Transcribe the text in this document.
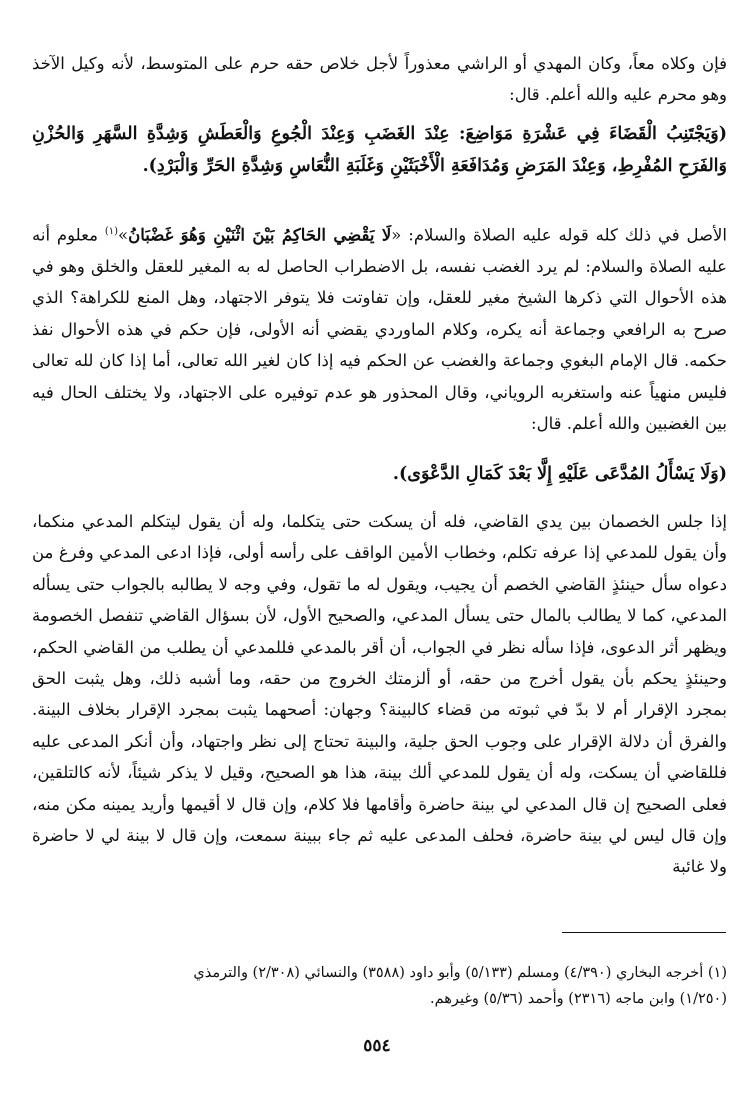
فإن وكلاه معاً، وكان المهدي أو الراشي معذوراً لأجل خلاص حقه حرم على المتوسط، لأنه وكيل الآخذ وهو محرم عليه والله أعلم. قال:

(وَيَجْتَنِبُ الْقَضَاءَ فِي عَشْرَةِ مَوَاضِعَ: عِنْدَ الغَضَبِ وَعِنْدَ الْجُوعِ وَالْعَطَشِ وَشِدَّةِ السَّهَرِ وَالحُزْنِ وَالفَرَحِ المُفْرِطِ، وَعِنْدَ المَرَضِ وَمُدَافَعَةِ الْأَخْبَثَيْنِ وَغَلَبَةِ النُّعَاسِ وَشِدَّةِ الحَرِّ وَالْبَرْدِ).

الأصل في ذلك كله قوله عليه الصلاة والسلام: «لَا يَقْضِي الحَاكِمُ بَيْنَ اثْنَيْنِ وَهُوَ غَضْبَانُ»$^{(١)}$ معلوم أنه عليه الصلاة والسلام: لم يرد الغضب نفسه، بل الاضطراب الحاصل له به المغير للعقل والخلق وهو في هذه الأحوال التي ذكرها الشيخ مغير للعقل، وإن تفاوتت فلا يتوفر الاجتهاد، وهل المنع للكراهة؟ الذي صرح به الرافعي وجماعة أنه يكره، وكلام الماوردي يقضي أنه الأولى، فإن حكم في هذه الأحوال نفذ حكمه. قال الإمام البغوي وجماعة والغضب عن الحكم فيه إذا كان لغير الله تعالى، أما إذا كان لله تعالى فليس منهياً عنه واستغربه الروياني، وقال المحذور هو عدم توفيره على الاجتهاد، ولا يختلف الحال فيه بين الغضبين والله أعلم. قال:

(وَلَا يَسْأَلُ المُدَّعَى عَلَيْهِ إِلَّا بَعْدَ كَمَالِ الدَّعْوَى).

إذا جلس الخصمان بين يدي القاضي، فله أن يسكت حتى يتكلما، وله أن يقول ليتكلم المدعي منكما، وأن يقول للمدعي إذا عرفه تكلم، وخطاب الأمين الواقف على رأسه أولى، فإذا ادعى المدعي وفرغ من دعواه سأل حينئذٍ القاضي الخصم أن يجيب، ويقول له ما تقول، وفي وجه لا يطالبه بالجواب حتى يسأله المدعي، كما لا يطالب بالمال حتى يسأل المدعي، والصحيح الأول، لأن بسؤال القاضي تنفصل الخصومة ويظهر أثر الدعوى، فإذا سأله نظر في الجواب، أن أقر بالمدعي فللمدعي أن يطلب من القاضي الحكم، وحينئذٍ يحكم بأن يقول أخرج من حقه، أو ألزمتك الخروج من حقه، وما أشبه ذلك، وهل يثبت الحق بمجرد الإقرار أم لا بدّ في ثبوته من قضاء كالبينة؟ وجهان: أصحهما يثبت بمجرد الإقرار بخلاف البينة. والفرق أن دلالة الإقرار على وجوب الحق جلية، والبينة تحتاج إلى نظر واجتهاد، وأن أنكر المدعى عليه فللقاضي أن يسكت، وله أن يقول للمدعي ألك بينة، هذا هو الصحيح، وقيل لا يذكر شيئاً، لأنه كالتلقين، فعلى الصحيح إن قال المدعي لي بينة حاضرة وأقامها فلا كلام، وإن قال لا أقيمها وأريد يمينه مكن منه، وإن قال ليس لي بينة حاضرة، فحلف المدعى عليه ثم جاء ببينة سمعت، وإن قال لا بينة لي لا حاضرة ولا غائبة

(١) أخرجه البخاري (٤/٣٩٠) ومسلم (٥/١٣٣) وأبو داود (٣٥٨٨) والنسائي (٢/٣٠٨) والترمذي
(١/٢٥٠) وابن ماجه (٢٣١٦) وأحمد (٥/٣٦) وغيرهم.
٥٥٤
